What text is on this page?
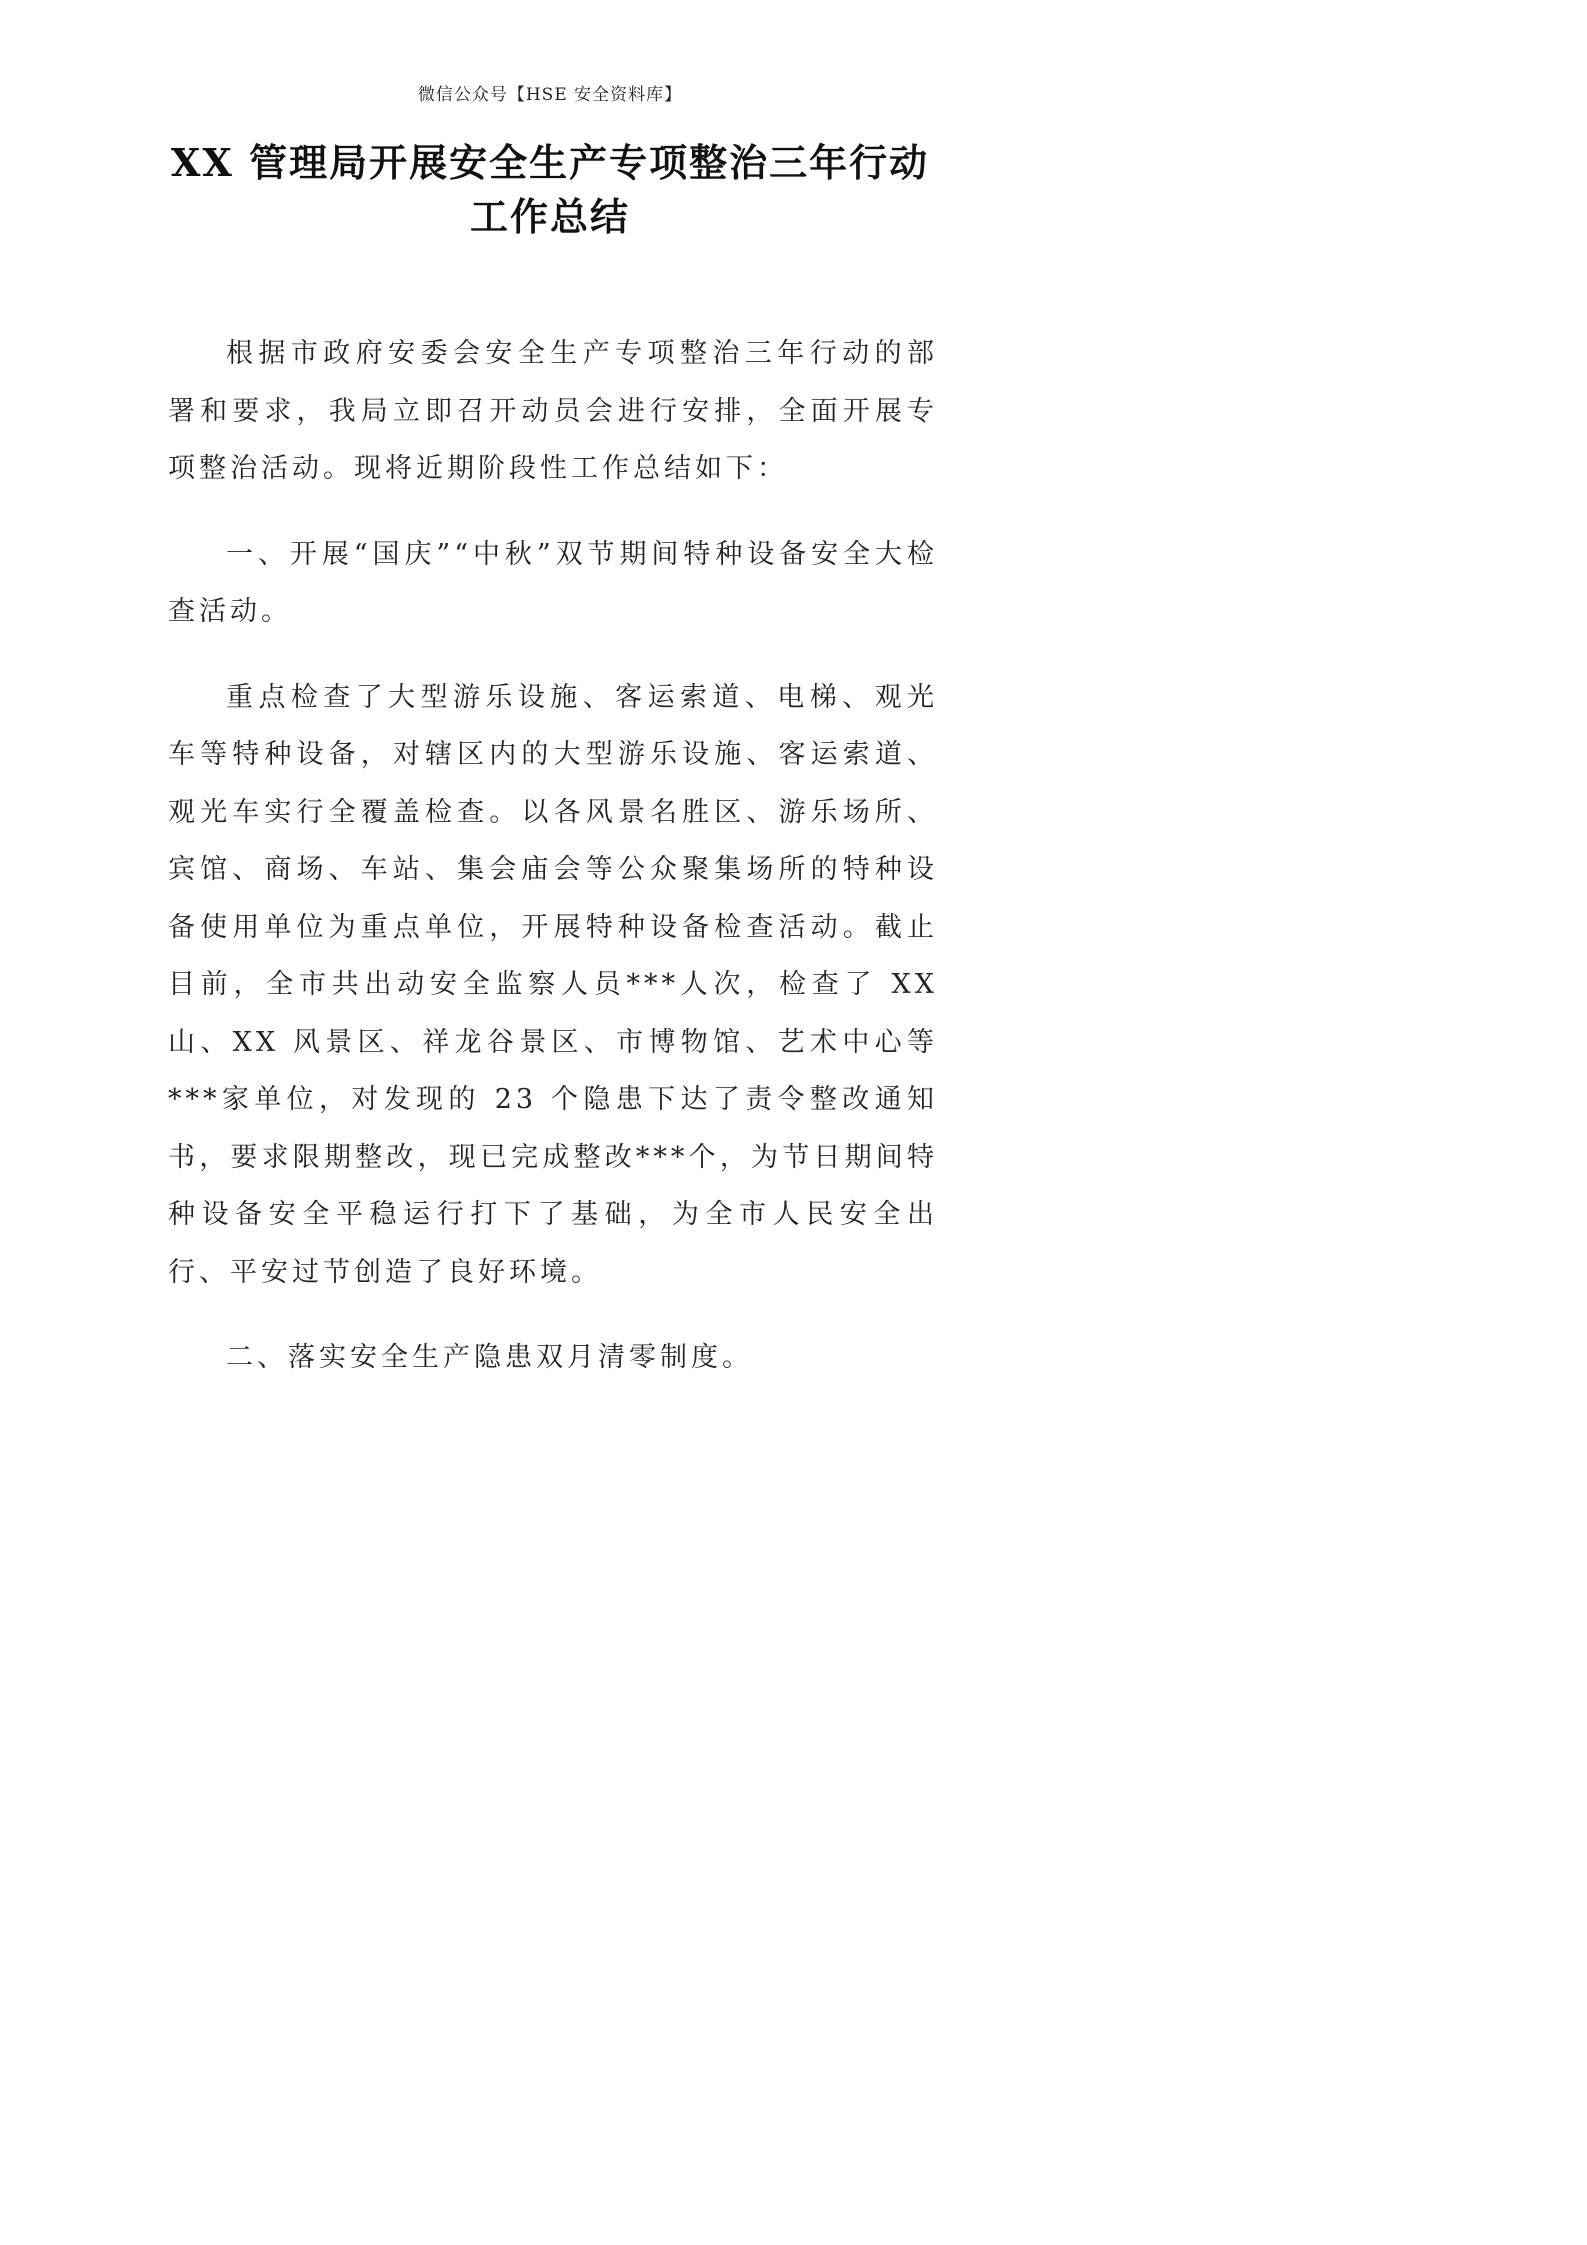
微信公众号【HSE 安全资料库】
XX 管理局开展安全生产专项整治三年行动
工作总结

根据市政府安委会安全生产专项整治三年行动的部署和要求，我局立即召开动员会进行安排，全面开展专项整治活动。现将近期阶段性工作总结如下：

一、开展“国庆”“中秋”双节期间特种设备安全大检查活动。

重点检查了大型游乐设施、客运索道、电梯、观光车等特种设备，对辖区内的大型游乐设施、客运索道、观光车实行全覆盖检查。以各风景名胜区、游乐场所、宾馆、商场、车站、集会庙会等公众聚集场所的特种设备使用单位为重点单位，开展特种设备检查活动。截止目前，全市共出动安全监察人员***人次，检查了 XX 山、XX 风景区、祥龙谷景区、市博物馆、艺术中心等***家单位，对发现的 23 个隐患下达了责令整改通知书，要求限期整改，现已完成整改***个，为节日期间特种设备安全平稳运行打下了基础，为全市人民安全出行、平安过节创造了良好环境。

二、落实安全生产隐患双月清零制度。
